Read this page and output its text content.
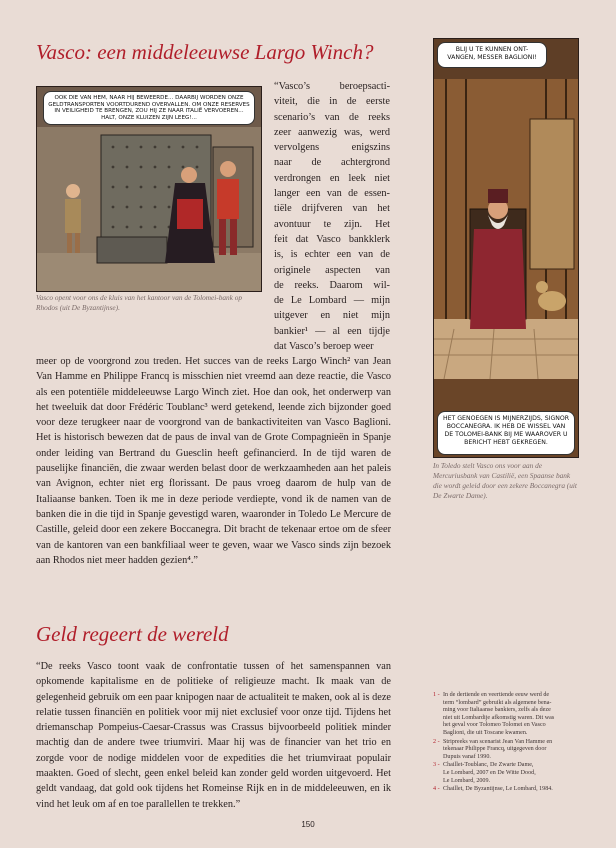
Vasco: een middeleeuwse Largo Winch?
OOK DIE VAN HEM, NAAR HIJ BEWEERDE... DAARBIJ WORDEN ONZE GELDTRANSPORTEN VOORTDUREND OVERVALLEN. OM ONZE RESERVES IN VEILIGHEID TE BRENGEN, ZOU HIJ ZE NAAR ITALIË VERVOEREN... HALT, ONZE KLUIZEN ZIJN LEEG!...
Vasco opent voor ons de kluis van het kantoor van de Tolomei-bank op Rhodos (uit De Byzantijnse).
“Vasco’s beroepsacti-
viteit, die in de eerste
scenario’s van de reeks
zeer aanwezig was, werd
vervolgens enigszins
naar de achtergrond
verdrongen en leek niet
langer een van de essen-
tiële drijfveren van het
avontuur te zijn. Het
feit dat Vasco bankklerk
is, is echter een van de
originele aspecten van
de reeks. Daarom wil-
de Le Lombard — mijn
uitgever en niet mijn
bankier¹ — al een tijdje
dat Vasco’s beroep weer

meer op de voorgrond zou treden. Het succes van de reeks Largo Winch² van Jean Van Hamme en Philippe Francq is misschien niet vreemd aan deze reactie, die Vasco als een potentiële middeleeuwse Largo Winch ziet. Hoe dan ook, het onderwerp van het tweeluik dat door Frédéric Toublanc³ werd getekend, leende zich bijzonder goed voor deze terugkeer naar de voorgrond van de bankactiviteiten van Vasco Baglioni. Het is historisch bewezen dat de paus de inval van de Grote Compagnieën in Spanje onder leiding van Bertrand du Guesclin heeft gefinancierd. In de tijd waren de pauselijke financiën, die zwaar werden belast door de werkzaamheden aan het paleis van Avignon, echter niet erg florissant. De paus vroeg daarom de hulp van de Italiaanse banken. Toen ik me in deze periode verdiepte, vond ik de namen van de banken die in die tijd in Spanje gevestigd waren, waaronder in Toledo Le Mercure de Castille, geleid door een zekere Boccanegra. Dit bracht de tekenaar ertoe om de sfeer van de kantoren van een bankfiliaal weer te geven, waar we Vasco sinds zijn bezoek aan Rhodos niet meer hadden gezien⁴.”

BLIJ U TE KUNNEN ONT-VANGEN, MESSER BAGLIONI!
HET GENOEGEN IS MIJNERZIJDS, SIGNOR BOCCANEGRA. IK HEB DE WISSEL VAN DE TOLOMEI-BANK BIJ ME WAAROVER U BERICHT HEBT GEKREGEN.
In Toledo stelt Vasco ons voor aan de Mercuriusbank van Castilië, een Spaanse bank die wordt geleid door een zekere Boccanegra (uit De Zwarte Dame).
Geld regeert de wereld

“De reeks Vasco toont vaak de confrontatie tussen of het samenspannen van opkomende kapitalisme en de politieke of religieuze macht. Ik maak van de gelegenheid gebruik om een paar knipogen naar de actualiteit te maken, ook al is deze relatie tussen financiën en politiek voor mij niet exclusief voor onze tijd. Tijdens het driemanschap Pompeius-Caesar-Crassus was Crassus bijvoorbeeld politiek minder machtig dan de andere twee triumviri. Maar hij was de financier van het trio en zorgde voor de nodige middelen voor de expedities die het triumviraat populair maakten. Goed of slecht, geen enkel beleid kan zonder geld worden uitgevoerd. Het geldt vandaag, dat gold ook tijdens het Romeinse Rijk en in de middeleeuwen, en ik vind het leuk om af en toe parallellen te trekken.”

1 - In de dertiende en veertiende eeuw werd de
term “lombard” gebruikt als algemene bena-
ming voor Italiaanse bankiers, zelfs als deze
niet uit Lombardije afkomstig waren. Dit was
het geval voor Tolomeo Tolomei en Vasco
Baglioni, die uit Toscane kwamen.
2 - Stripreeks van scenarist Jean Van Hamme en
tekenaar Philippe Francq, uitgegeven door
Dupuis vanaf 1990.
3 - Chaillet-Toublanc, De Zwarte Dame,
Le Lombard, 2007 en De Witte Dood,
Le Lombard, 2009.
4 - Chaillet, De Byzantijnse, Le Lombard, 1984.
150
